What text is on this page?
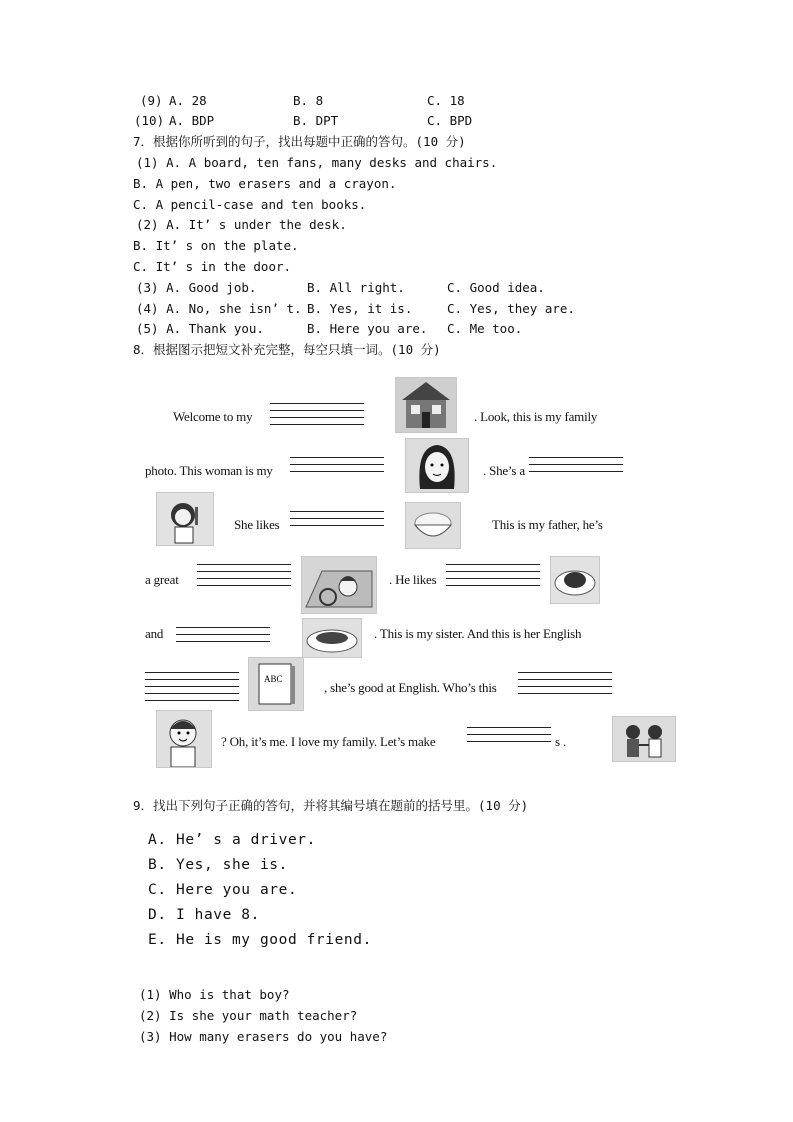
(9) A. 28	B. 8	C. 18
(10) A. BDP	B. DPT	C. BPD
7．根据你所听到的句子，找出每题中正确的答句。(10 分)
(1) A. A board, ten fans, many desks and chairs.
B. A pen, two erasers and a crayon.
C. A pencil-case and ten books.
(2) A. It’ s under the desk.
B. It’ s on the plate.
C. It’ s in the door.
(3) A. Good job.	B. All right.	C. Good idea.
(4) A. No, she isn’ t. B. Yes, it is.	C. Yes, they are.
(5) A. Thank you.	B. Here you are. C. Me too.
8．根据图示把短文补充完整，每空只填一词。(10 分)
Welcome to my	. Look, this is my family
photo. This woman is my	. She’s a
She likes	This is my father, he’s
a great	. He likes
and	. This is my sister. And this is her English
ABC
, she’s good at English. Who’s this
? Oh, it’s me. I love my family. Let’s make	s .
9．找出下列句子正确的答句，并将其编号填在题前的括号里。(10 分)
A. He’ s a driver.
B. Yes, she is.
C. Here you are.
D. I have 8.
E. He is my good friend.
(1) Who is that boy?
(2) Is she your math teacher?
(3) How many erasers do you have?
